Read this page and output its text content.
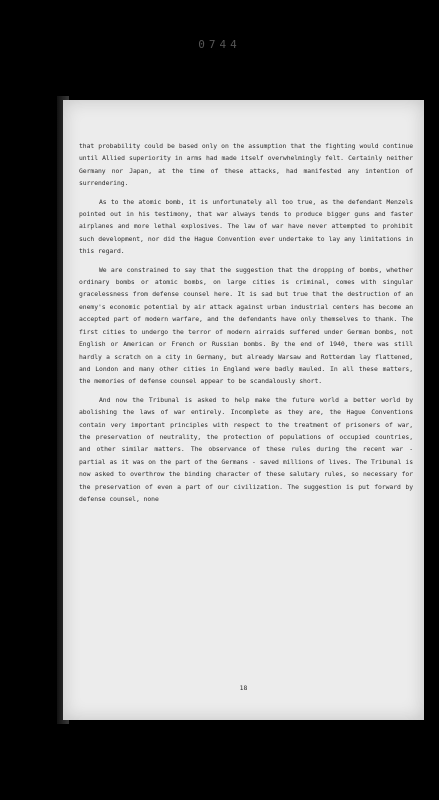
0744

that probability could be based only on the assumption that the fighting would continue until Allied superiority in arms had made itself overwhelmingly felt. Certainly neither Germany nor Japan, at the time of these attacks, had manifested any intention of surrendering.

As to the atomic bomb, it is unfortunately all too true, as the defendant Menzels pointed out in his testimony, that war always tends to produce bigger guns and faster airplanes and more lethal explosives. The law of war have never attempted to prohibit such development, nor did the Hague Convention ever undertake to lay any limitations in this regard.

We are constrained to say that the suggestion that the dropping of bombs, whether ordinary bombs or atomic bombs, on large cities is criminal, comes with singular gracelessness from defense counsel here. It is sad but true that the destruction of an enemy's economic potential by air attack against urban industrial centers has become an accepted part of modern warfare, and the defendants have only themselves to thank. The first cities to undergo the terror of modern airraids suffered under German bombs, not English or American or French or Russian bombs. By the end of 1940, there was still hardly a scratch on a city in Germany, but already Warsaw and Rotterdam lay flattened, and London and many other cities in England were badly mauled. In all these matters, the memories of defense counsel appear to be scandalously short.

And now the Tribunal is asked to help make the future world a better world by abolishing the laws of war entirely. Incomplete as they are, the Hague Conventions contain very important principles with respect to the treatment of prisoners of war, the preservation of neutrality, the protection of populations of occupied countries, and other similar matters. The observance of these rules during the recent war - partial as it was on the part of the Germans - saved millions of lives. The Tribunal is now asked to overthrow the binding character of these salutary rules, so necessary for the preservation of even a part of our civilization. The suggestion is put forward by defense counsel, none

18
